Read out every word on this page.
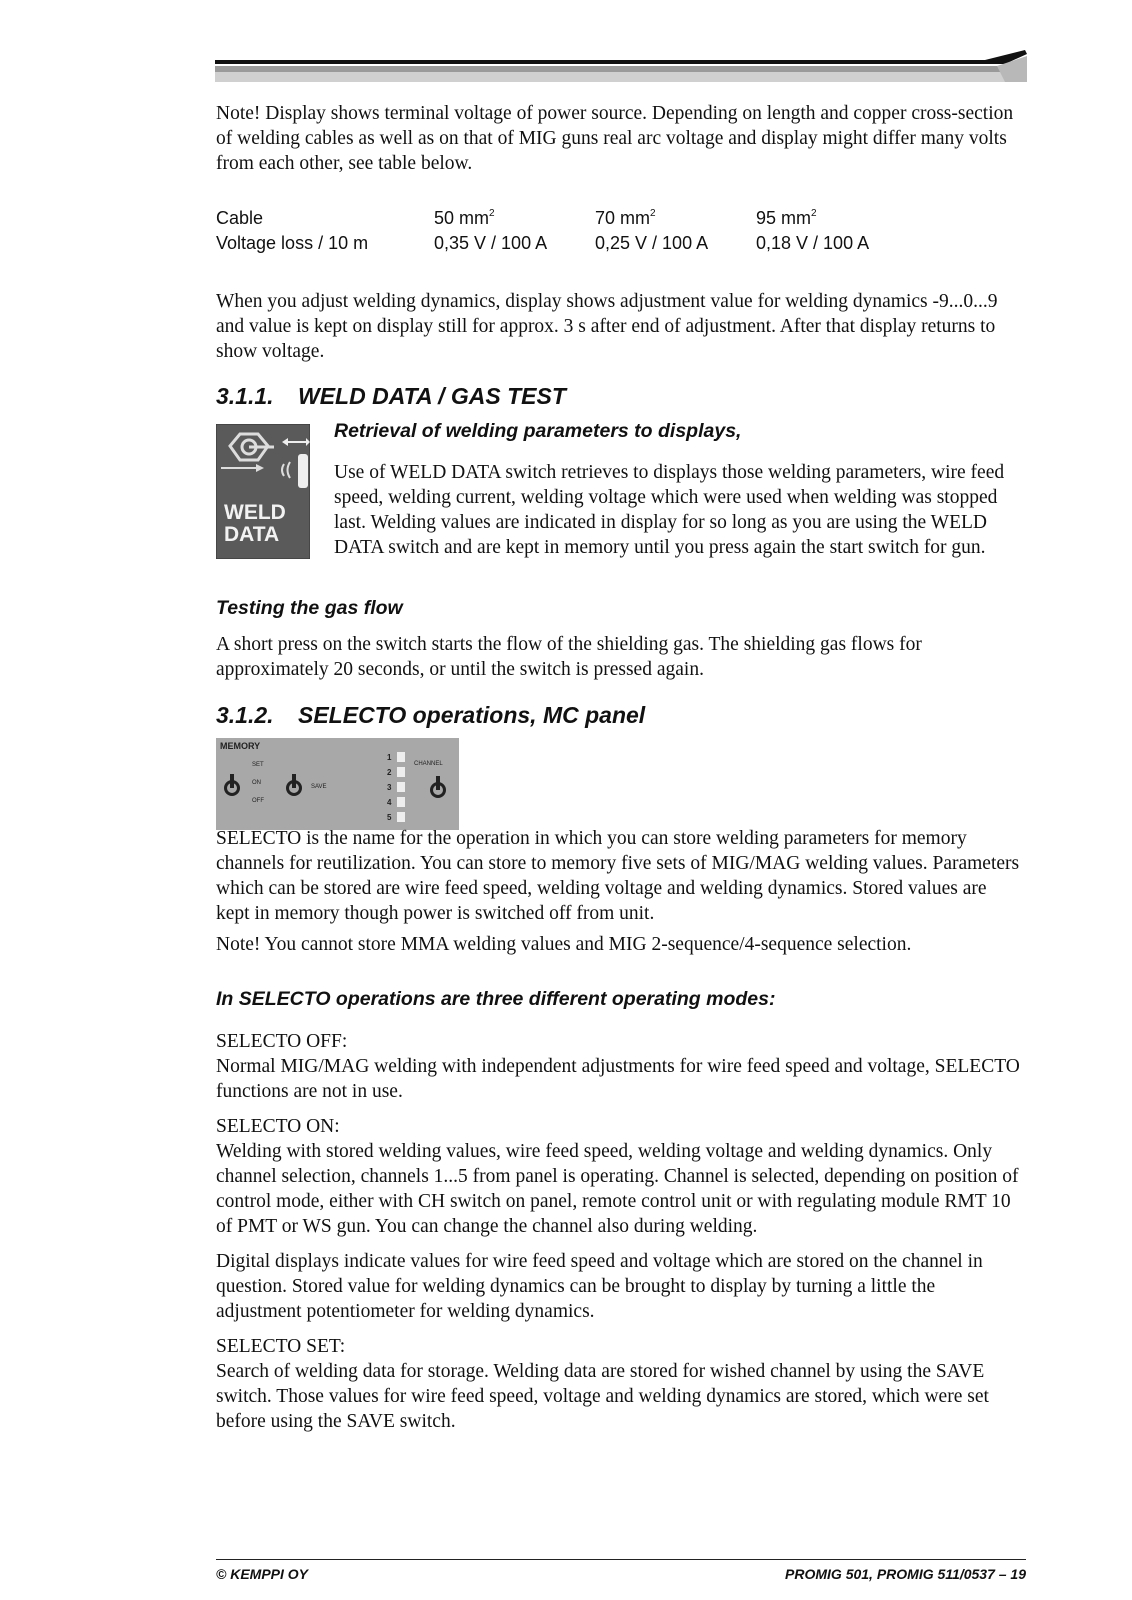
Note! Display shows terminal voltage of power source. Depending on length and copper cross-section of welding cables as well as on that of MIG guns real arc voltage and display might differ many volts from each other, see table below.

Cable	50 $mm^2$	70 $mm^2$	95 $mm^2$
Voltage loss / 10 m	0,35 V / 100 A	0,25 V / 100 A	0,18 V / 100 A

When you adjust welding dynamics, display shows adjustment value for welding dynamics -9...0...9 and value is kept on display still for approx. 3 s after end of adjustment. After that display returns to show voltage.

3.1.1. WELD DATA / GAS TEST
WELD
DATA
Retrieval of welding parameters to displays,

Use of WELD DATA switch retrieves to displays those welding parameters, wire feed speed, welding current, welding voltage which were used when welding was stopped last. Welding values are indicated in display for so long as you are using the WELD DATA switch and are kept in memory until you press again the start switch for gun.

Testing the gas flow

A short press on the switch starts the flow of the shielding gas. The shielding gas flows for approximately 20 seconds, or until the switch is pressed again.

3.1.2. SELECTO operations, MC panel
MEMORY
SET
ON
OFF
SAVE
1
2
3
4
5
CHANNEL

SELECTO is the name for the operation in which you can store welding parameters for memory channels for reutilization. You can store to memory five sets of MIG/MAG welding values. Parameters which can be stored are wire feed speed, welding voltage and welding dynamics. Stored values are kept in memory though power is switched off from unit.

Note! You cannot store MMA welding values and MIG 2-sequence/4-sequence selection.

In SELECTO operations are three different operating modes:

SELECTO OFF:

Normal MIG/MAG welding with independent adjustments for wire feed speed and voltage, SELECTO functions are not in use.

SELECTO ON:

Welding with stored welding values, wire feed speed, welding voltage and welding dynamics. Only channel selection, channels 1...5 from panel is operating. Channel is selected, depending on position of control mode, either with CH switch on panel, remote control unit or with regulating module RMT 10 of PMT or WS gun. You can change the channel also during welding.

Digital displays indicate values for wire feed speed and voltage which are stored on the channel in question. Stored value for welding dynamics can be brought to display by turning a little the adjustment potentiometer for welding dynamics.

SELECTO SET:

Search of welding data for storage. Welding data are stored for wished channel by using the SAVE switch. Those values for wire feed speed, voltage and welding dynamics are stored, which were set before using the SAVE switch.

© KEMPPI OY	PROMIG 501, PROMIG 511/0537 – 19
